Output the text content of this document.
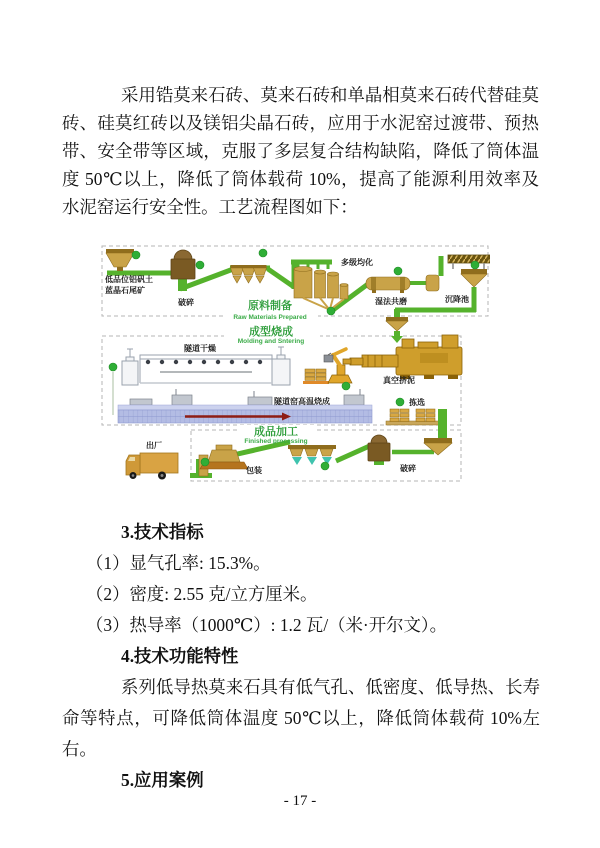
采用锆莫来石砖、莫来石砖和单晶相莫来石砖代替硅莫砖、硅莫红砖以及镁铝尖晶石砖，应用于水泥窑过渡带、预热带、安全带等区域，克服了多层复合结构缺陷，降低了筒体温度 50℃以上，降低了筒体载荷 10%，提高了能源利用效率及水泥窑运行安全性。工艺流程图如下：

低品位铝矾土
蓝晶石尾矿
破碎
多级均化
湿法共磨	沉降池
原料制备
Raw Materials Prepared
成型烧成
Molding and Sntering
隧道干燥
真空挤泥
隧道窑高温烧成	拣选
成品加工
Finished processing
出厂
包装	破碎
3.技术指标
（1）显气孔率: 15.3%。
（2）密度: 2.55 克/立方厘米。
（3）热导率（1000℃）: 1.2 瓦/（米·开尔文）。
4.技术功能特性

系列低导热莫来石具有低气孔、低密度、低导热、长寿命等特点，可降低筒体温度 50℃以上，降低筒体载荷 10%左右。

5.应用案例
- 17 -
